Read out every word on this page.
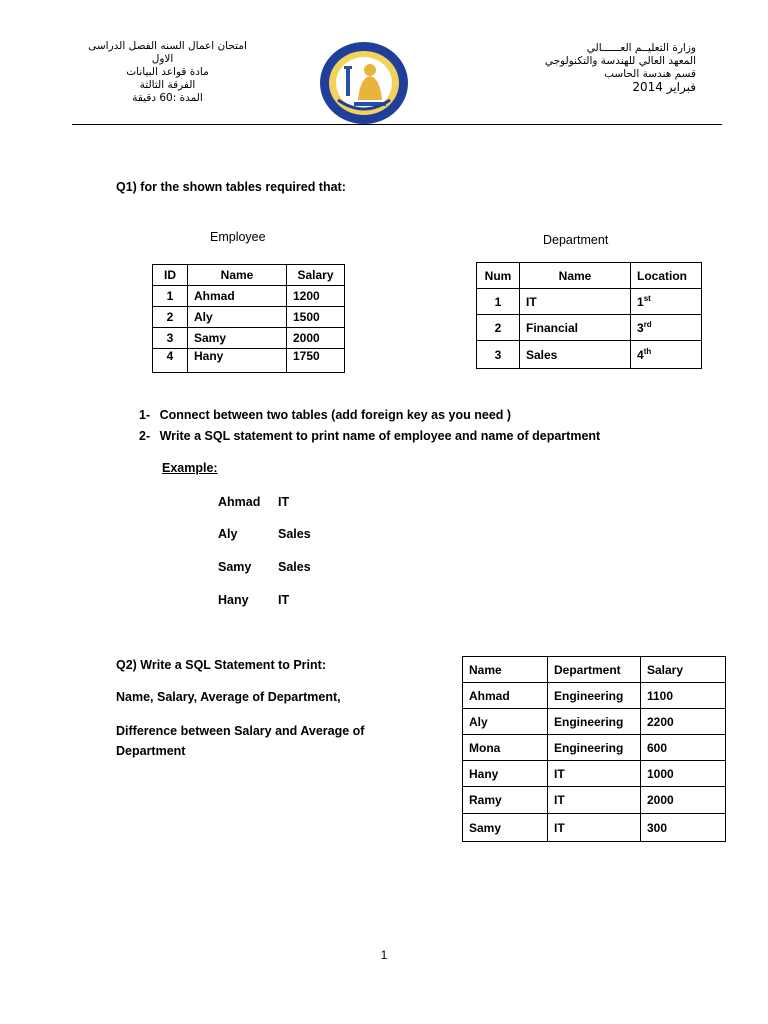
امتحان اعمال السنه الفصل الدراسى
الاول
مادة قواعد البيانات
الفرقة الثالثة
المدة :60 دقيقة
وزارة التعليــم العــــــالي
المعهد العالي للهندسة والتكنولوجي
قسم هندسة الحاسب
فبراير 2014
Q1) for the shown tables required that:
Employee	Department
ID	Name	Salary
1	Ahmad	1200
2	Aly	1500
3	Samy	2000
4	Hany	1750
Num	Name	Location
1	IT	1st
2	Financial	3rd
3	Sales	4th
1- Connect between two tables (add foreign key as you need )
2- Write a SQL statement to print name of employee and name of department
Example:
Ahmad IT
Aly	Sales
Samy Sales
Hany IT
Q2) Write a SQL Statement to Print:
Name, Salary, Average of Department,
Difference between Salary and Average of
Department
Name	Department	Salary
Ahmad	Engineering	1100
Aly	Engineering	2200
Mona	Engineering	600
Hany	IT	1000
Ramy	IT	2000
Samy	IT	300
1
